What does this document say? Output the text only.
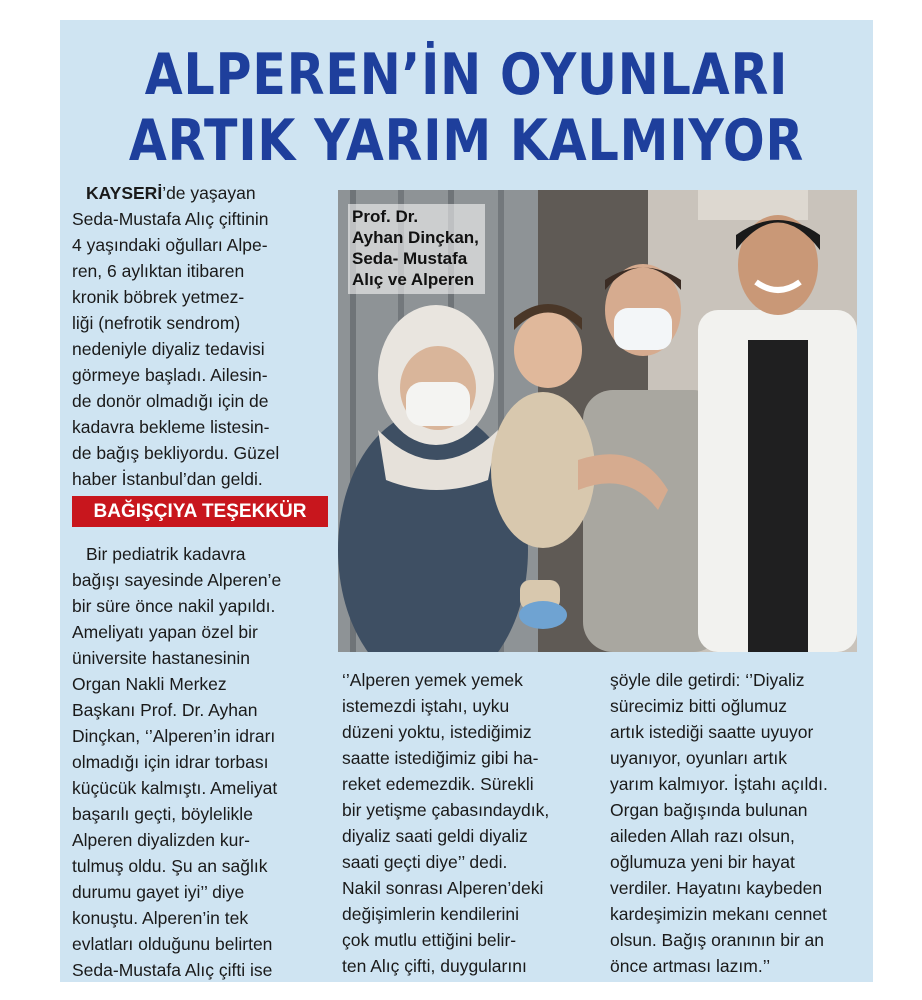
ALPEREN’İN OYUNLARI
ARTIK YARIM KALMIYOR
KAYSERİ’de yaşayan
Seda-Mustafa Alıç çiftinin
4 yaşındaki oğulları Alpe-
ren, 6 aylıktan itibaren
kronik böbrek yetmez-
liği (nefrotik sendrom)
nedeniyle diyaliz tedavisi
görmeye başladı. Ailesin-
de donör olmadığı için de
kadavra bekleme listesin-
de bağış bekliyordu. Güzel
haber İstanbul’dan geldi.
BAĞIŞÇIYA TEŞEKKÜR
Bir pediatrik kadavra
bağışı sayesinde Alperen’e
bir süre önce nakil yapıldı.
Ameliyatı yapan özel bir
üniversite hastanesinin
Organ Nakli Merkez
Başkanı Prof. Dr. Ayhan
Dinçkan, ‘’Alperen’in idrarı
olmadığı için idrar torbası
küçücük kalmıştı. Ameliyat
başarılı geçti, böylelikle
Alperen diyalizden kur-
tulmuş oldu. Şu an sağlık
durumu gayet iyi’’ diye
konuştu. Alperen’in tek
evlatları olduğunu belirten
Seda-Mustafa Alıç çifti ise
Prof. Dr.
Ayhan Dinçkan,
Seda- Mustafa
Alıç ve Alperen
‘’Alperen yemek yemek
istemezdi iştahı, uyku
düzeni yoktu, istediğimiz
saatte istediğimiz gibi ha-
reket edemezdik. Sürekli
bir yetişme çabasındaydık,
diyaliz saati geldi diyaliz
saati geçti diye’’ dedi.
Nakil sonrası Alperen’deki
değişimlerin kendilerini
çok mutlu ettiğini belir-
ten Alıç çifti, duygularını
şöyle dile getirdi: ‘’Diyaliz
sürecimiz bitti oğlumuz
artık istediği saatte uyuyor
uyanıyor, oyunları artık
yarım kalmıyor. İştahı açıldı.
Organ bağışında bulunan
aileden Allah razı olsun,
oğlumuza yeni bir hayat
verdiler. Hayatını kaybeden
kardeşimizin mekanı cennet
olsun. Bağış oranının bir an
önce artması lazım.’’
